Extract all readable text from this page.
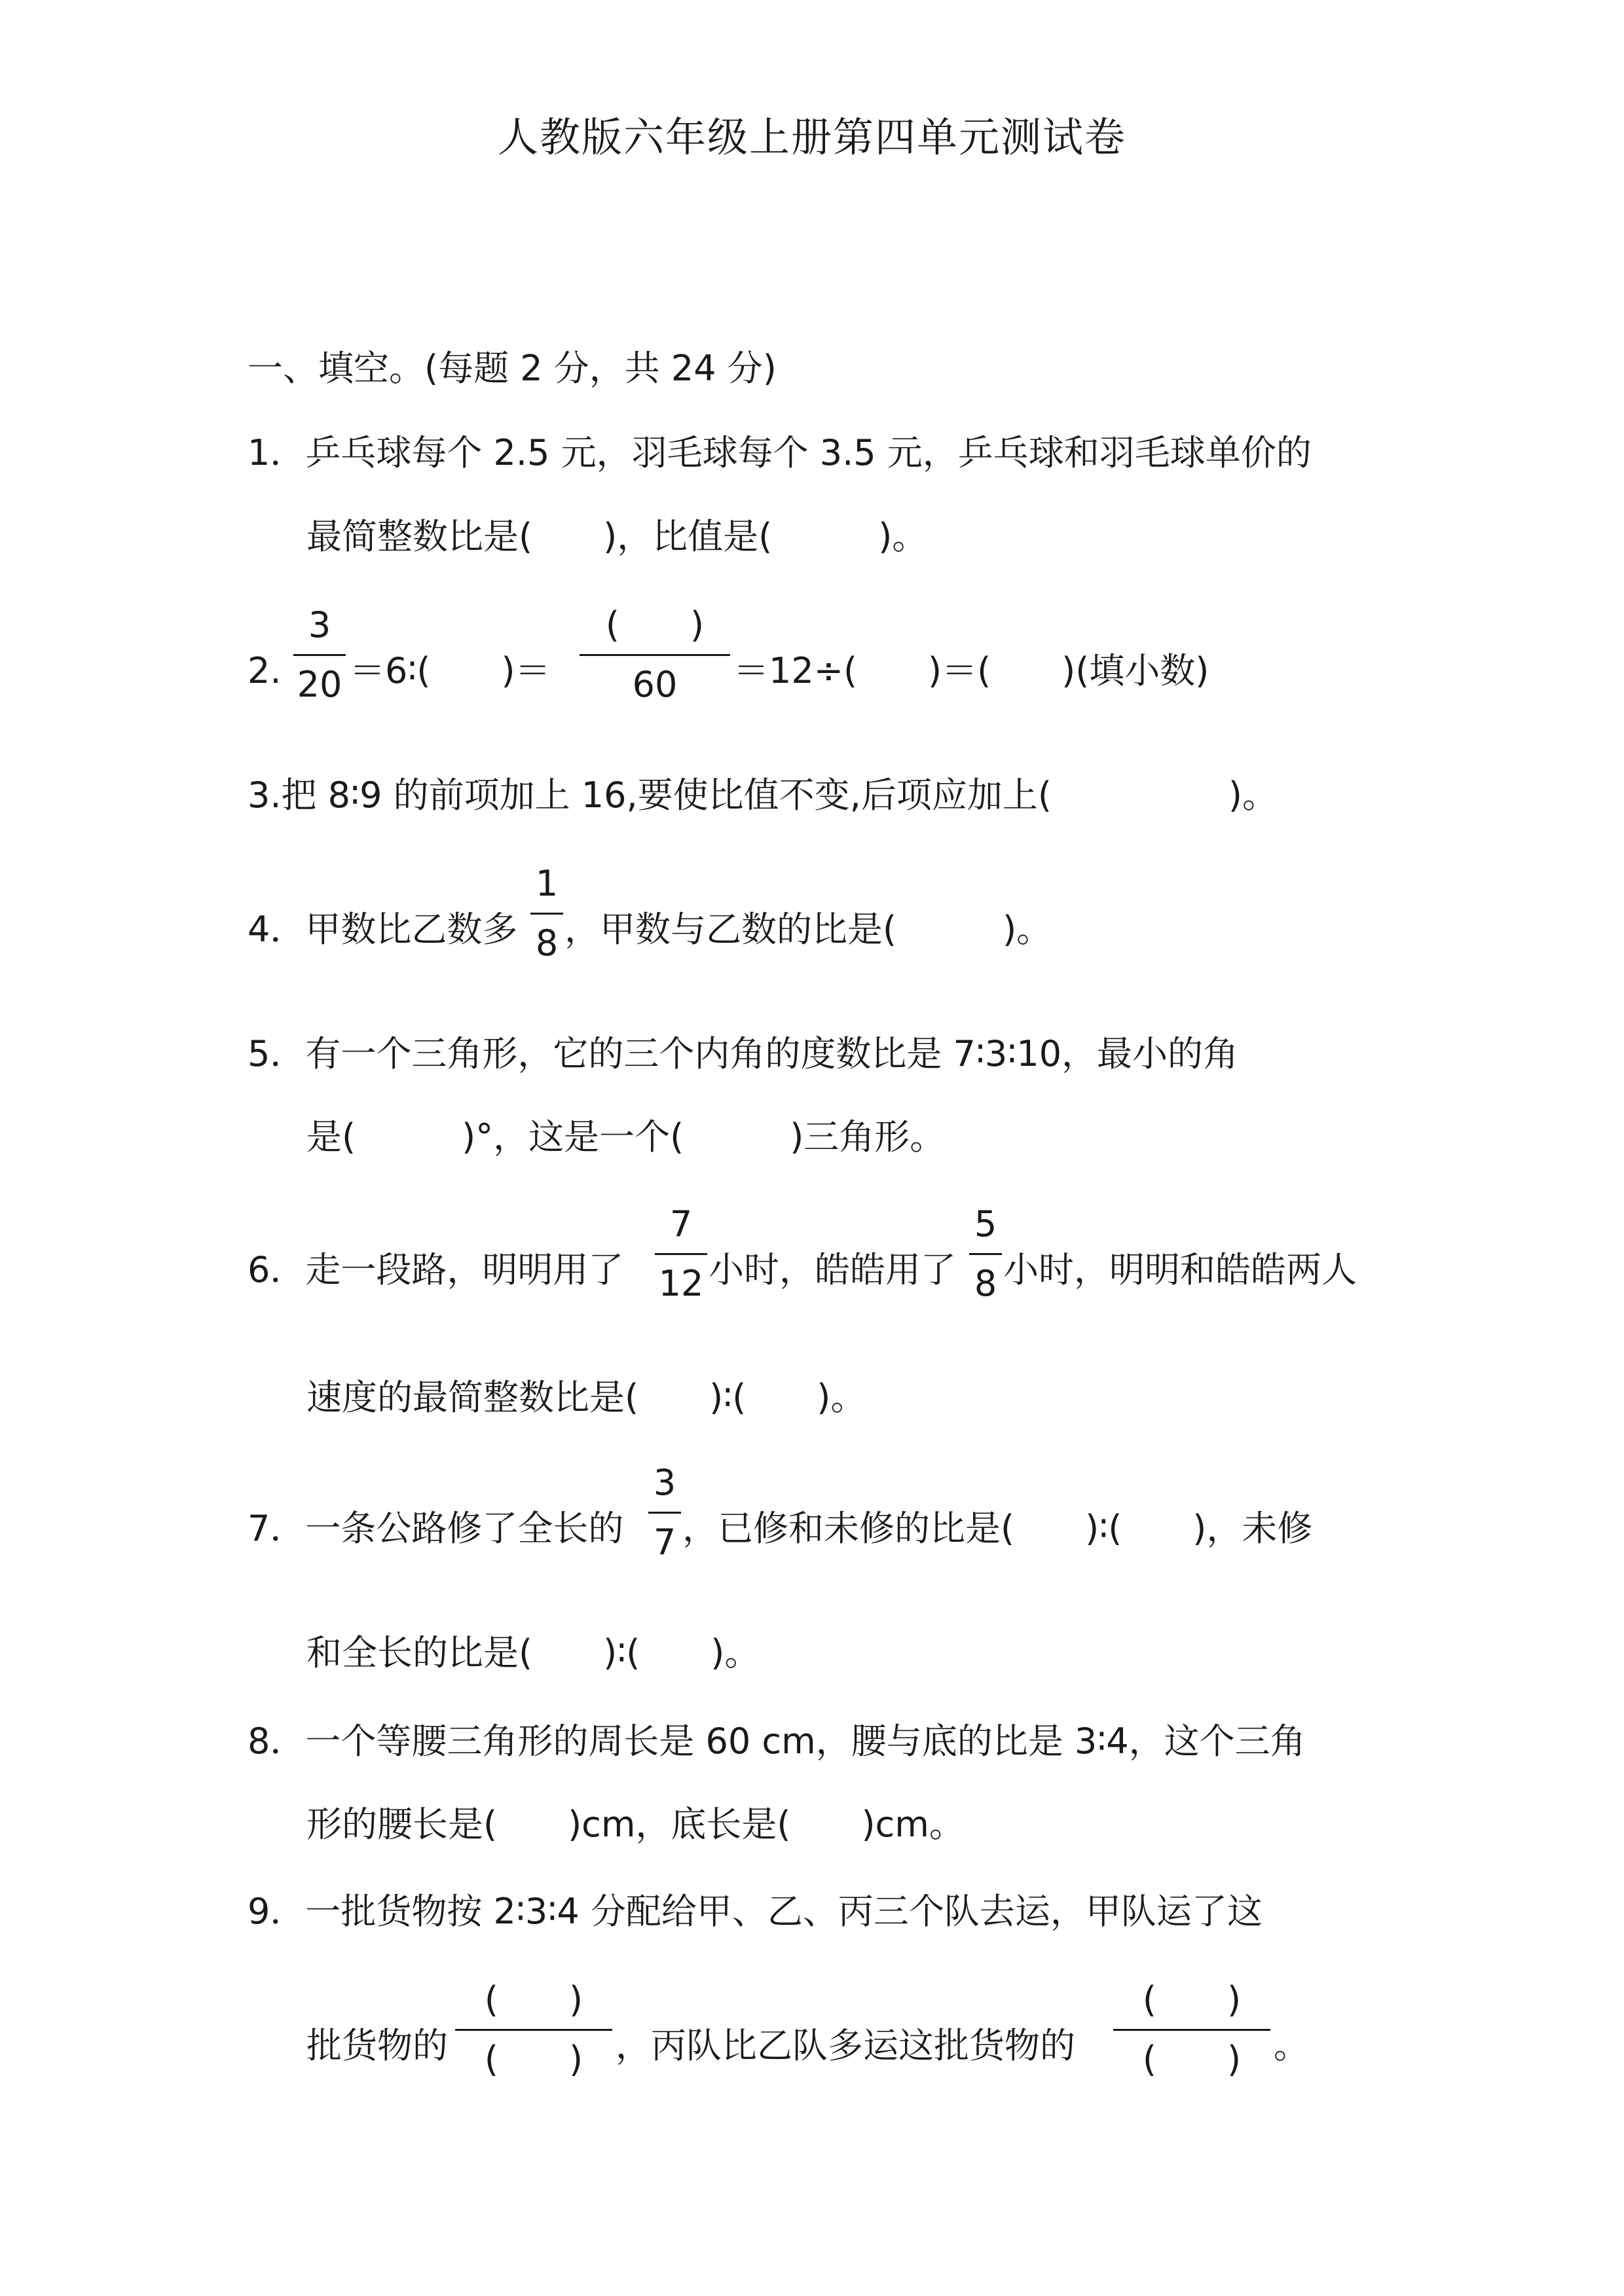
人教版六年级上册第四单元测试卷
一、填空。(每题 2 分，共 24 分)
1．乒乓球每个 2.5 元，羽毛球每个 3.5 元，乒乓球和羽毛球单价的
最简整数比是(　　)，比值是(　　　)。
2.
3
20 ＝6∶(　　)＝
(　　)
60	＝12÷(　　)＝(　　)(填小数)
3.把 8∶9 的前项加上 16,要使比值不变,后项应加上(　　　　　)。
4．甲数比乙数多
1
8 ，甲数与乙数的比是(　　　)。
5．有一个三角形，它的三个内角的度数比是 7∶3∶10，最小的角
是(　　　)°，这是一个(　　　)三角形。
6．走一段路，明明用了
7
12 小时，皓皓用了
5
8 小时，明明和皓皓两人
速度的最简整数比是(　　)∶(　　)。
7．一条公路修了全长的
3
7 ，已修和未修的比是(　　)∶(　　)，未修
和全长的比是(　　)∶(　　)。
8．一个等腰三角形的周长是 60 cm，腰与底的比是 3∶4，这个三角
形的腰长是(　　)cm，底长是(　　)cm。
9．一批货物按 2∶3∶4 分配给甲、乙、丙三个队去运，甲队运了这
批货物的
(　　)
(　　) ，丙队比乙队多运这批货物的
(　　)
(　　) 。
